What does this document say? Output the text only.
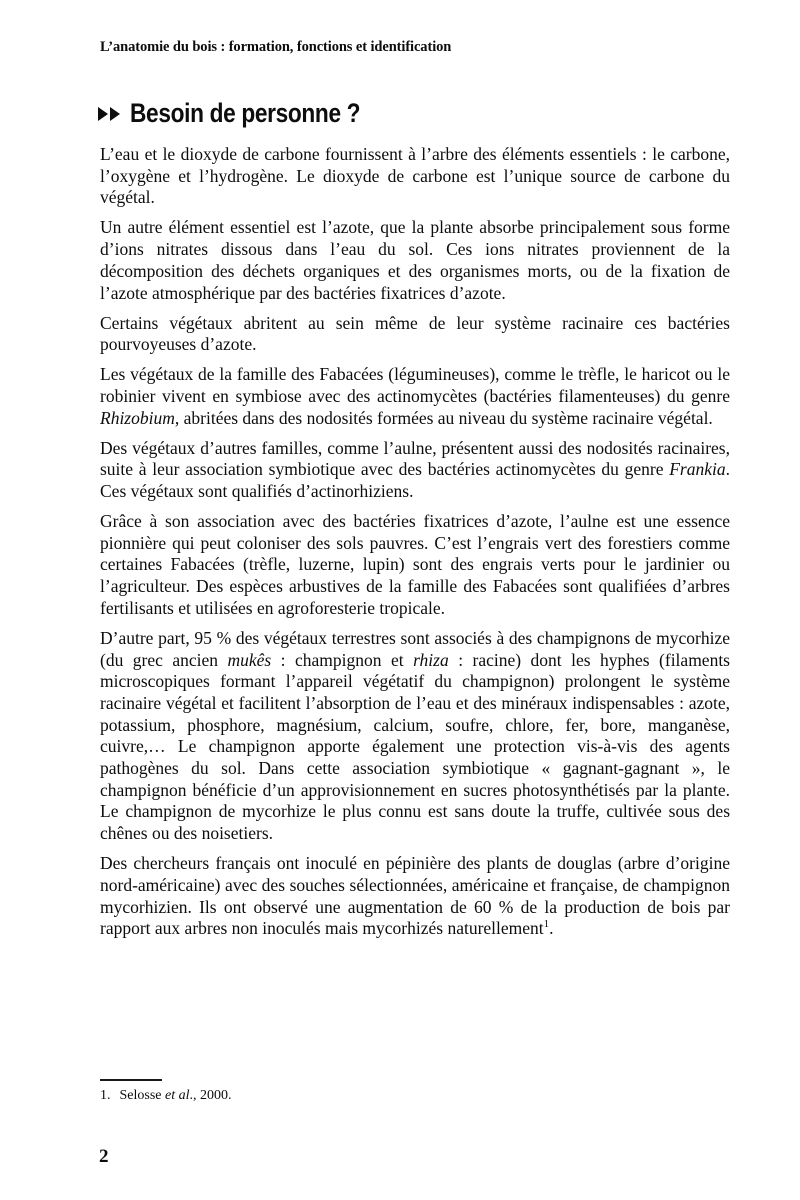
L’anatomie du bois : formation, fonctions et identification
Besoin de personne ?

L’eau et le dioxyde de carbone fournissent à l’arbre des éléments essentiels : le carbone, l’oxygène et l’hydrogène. Le dioxyde de carbone est l’unique source de carbone du végétal.

Un autre élément essentiel est l’azote, que la plante absorbe principalement sous forme d’ions nitrates dissous dans l’eau du sol. Ces ions nitrates proviennent de la décomposition des déchets organiques et des organismes morts, ou de la fixation de l’azote atmosphérique par des bactéries fixatrices d’azote.

Certains végétaux abritent au sein même de leur système racinaire ces bactéries pourvoyeuses d’azote.

Les végétaux de la famille des Fabacées (légumineuses), comme le trèfle, le haricot ou le robinier vivent en symbiose avec des actinomycètes (bactéries filamenteuses) du genre Rhizobium, abritées dans des nodosités formées au niveau du système racinaire végétal.

Des végétaux d’autres familles, comme l’aulne, présentent aussi des nodosités racinaires, suite à leur association symbiotique avec des bactéries actinomycètes du genre Frankia. Ces végétaux sont qualifiés d’actinorhiziens.

Grâce à son association avec des bactéries fixatrices d’azote, l’aulne est une essence pionnière qui peut coloniser des sols pauvres. C’est l’engrais vert des forestiers comme certaines Fabacées (trèfle, luzerne, lupin) sont des engrais verts pour le jardinier ou l’agriculteur. Des espèces arbustives de la famille des Fabacées sont qualifiées d’arbres fertilisants et utilisées en agroforesterie tropicale.

D’autre part, 95 % des végétaux terrestres sont associés à des champignons de mycorhize (du grec ancien mukês : champignon et rhiza : racine) dont les hyphes (filaments microscopiques formant l’appareil végétatif du champignon) prolongent le système racinaire végétal et facilitent l’absorption de l’eau et des minéraux indispensables : azote, potassium, phosphore, magnésium, calcium, soufre, chlore, fer, bore, manganèse, cuivre,… Le champignon apporte également une protection vis-à-vis des agents pathogènes du sol. Dans cette association symbiotique « gagnant-gagnant », le champignon bénéficie d’un approvisionnement en sucres photosynthétisés par la plante. Le champignon de mycorhize le plus connu est sans doute la truffe, cultivée sous des chênes ou des noisetiers.

Des chercheurs français ont inoculé en pépinière des plants de douglas (arbre d’origine nord-américaine) avec des souches sélectionnées, américaine et française, de champignon mycorhizien. Ils ont observé une augmentation de 60 % de la production de bois par rapport aux arbres non inoculés mais mycorhizés naturellement$^1$.

1. Selosse et al., 2000.
2
